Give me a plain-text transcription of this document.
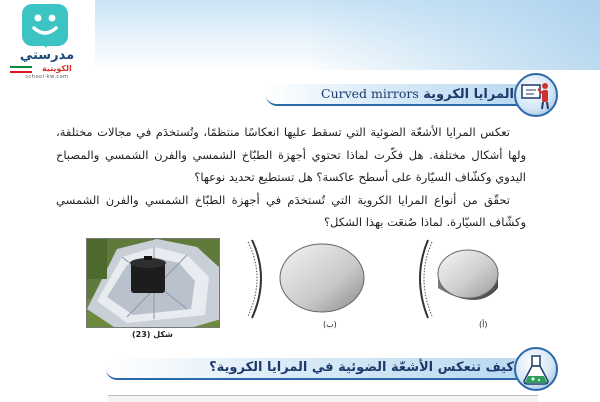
مدرستي
الكويتية
school-kw.com
المرايا الكروية Curved mirrors

تعكس المرايا الأشعّة الضوئية التي تسقط عليها انعكاسًا منتظمًا، وتُستخدَم في مجالات مختلفة، ولها أشكال مختلفة. هل فكّرت لماذا تحتوي أجهزة الطبّاخ الشمسي والفرن الشمسي والمصباح اليدوي وكشّاف السيّارة على أسطح عاكسة؟ هل تستطيع تحديد نوعها؟

تحقّق من أنواع المرايا الكروية التي تُستخدَم في أجهزة الطبّاخ الشمسي والفرن الشمسي وكشّاف السيّارة. لماذا صُنعَت بهذا الشكل؟

شكل (23)
(ب)	(أ)
كيف تنعكس الأشعّة الضوئية في المرايا الكروية؟
